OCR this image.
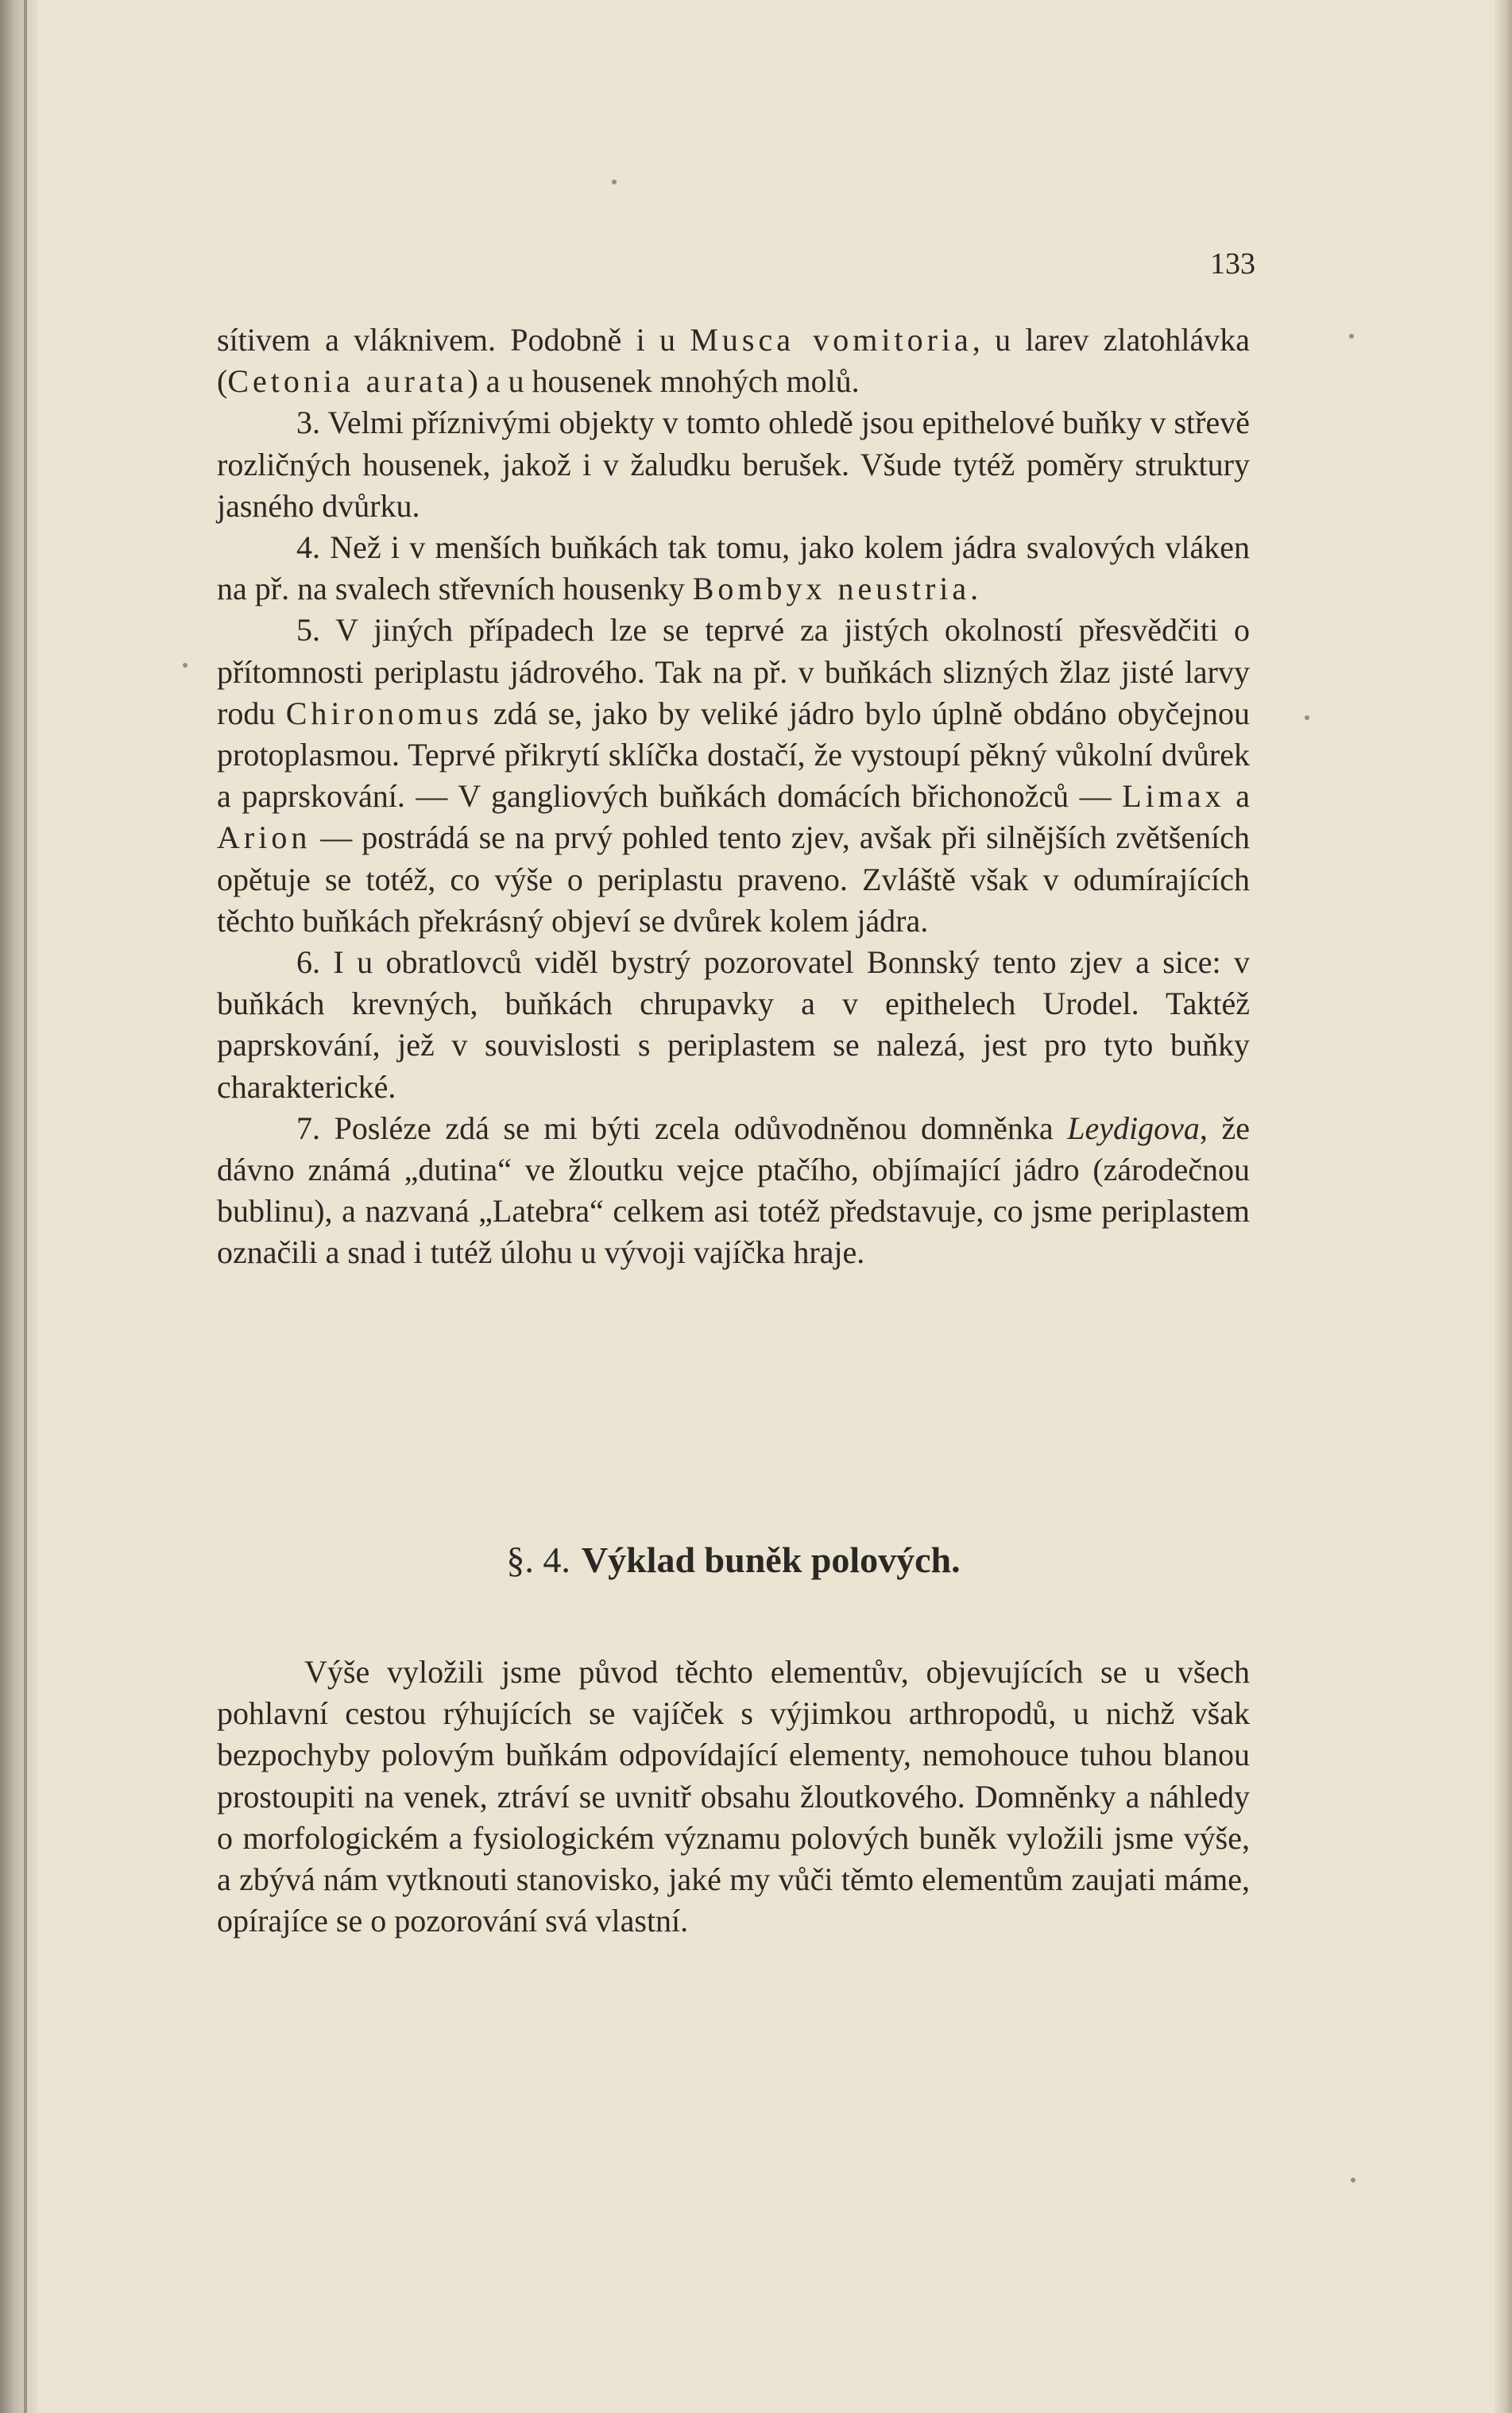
133

sítivem a vláknivem. Podobně i u Musca vomitoria, u larev zlatohlávka (Cetonia aurata) a u housenek mnohých molů.

3. Velmi příznivými objekty v tomto ohledě jsou epithelové buňky v střevě rozličných housenek, jakož i v žaludku berušek. Všude tytéž poměry struktury jasného dvůrku.

4. Než i v menších buňkách tak tomu, jako kolem jádra svalových vláken na př. na svalech střevních housenky Bombyx neustria.

5. V jiných případech lze se teprvé za jistých okolností přesvědčiti o přítomnosti periplastu jádrového. Tak na př. v buňkách slizných žlaz jisté larvy rodu Chironomus zdá se, jako by veliké jádro bylo úplně obdáno obyčejnou protoplasmou. Teprvé přikrytí sklíčka dostačí, že vystoupí pěkný vůkolní dvůrek a paprskování. — V gangliových buňkách domácích břichonožců — Limax a Arion — postrádá se na prvý pohled tento zjev, avšak při silnějších zvětšeních opětuje se totéž, co výše o periplastu praveno. Zvláště však v odumírajících těchto buňkách překrásný objeví se dvůrek kolem jádra.

6. I u obratlovců viděl bystrý pozorovatel Bonnský tento zjev a sice: v buňkách krevných, buňkách chrupavky a v epithelech Urodel. Taktéž paprskování, jež v souvislosti s periplastem se nalezá, jest pro tyto buňky charakterické.

7. Posléze zdá se mi býti zcela odůvodněnou domněnka Leydigova, že dávno známá „dutina“ ve žloutku vejce ptačího, objímající jádro (zárodečnou bublinu), a nazvaná „Latebra“ celkem asi totéž představuje, co jsme periplastem označili a snad i tutéž úlohu u vývoji vajíčka hraje.

§. 4. Výklad buněk polových.

Výše vyložili jsme původ těchto elementův, objevujících se u všech pohlavní cestou rýhujících se vajíček s výjimkou arthropodů, u nichž však bezpochyby polovým buňkám odpovídající elementy, nemohouce tuhou blanou prostoupiti na venek, ztráví se uvnitř obsahu žloutkového. Domněnky a náhledy o morfologickém a fysiologickém významu polových buněk vyložili jsme výše, a zbývá nám vytknouti stanovisko, jaké my vůči těmto elementům zaujati máme, opírajíce se o pozorování svá vlastní.
